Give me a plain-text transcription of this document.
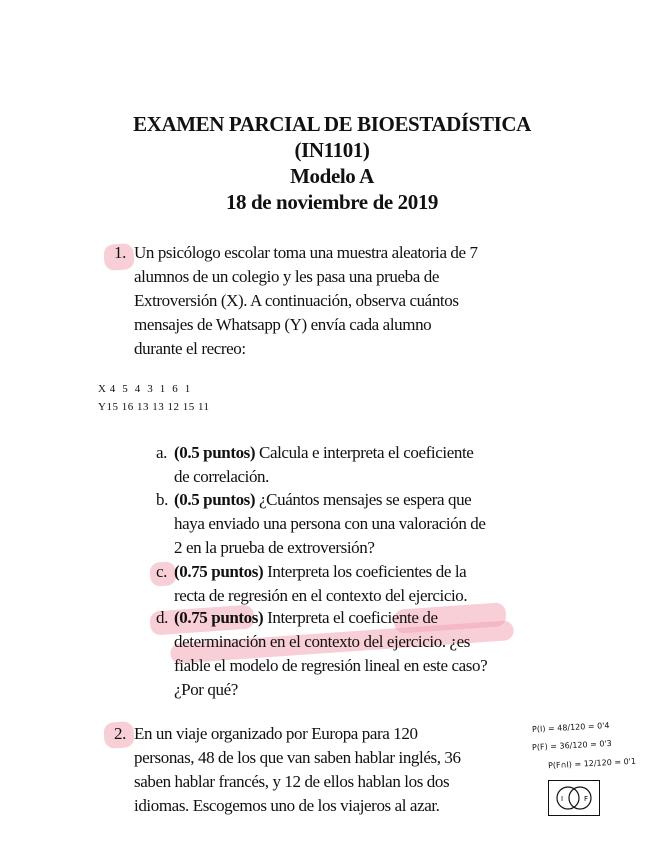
EXAMEN PARCIAL DE BIOESTADÍSTICA
(IN1101)
Modelo A
18 de noviembre de 2019
1. Un psicólogo escolar toma una muestra aleatoria de 7
alumnos de un colegio y les pasa una prueba de
Extroversión (X). A continuación, observa cuántos
mensajes de Whatsapp (Y) envía cada alumno
durante el recreo:
X 4  5  4  3  1  6  1
Y15 16 13 13 12 15 11
a. (0.5 puntos) Calcula e interpreta el coeficiente
de correlación.
b. (0.5 puntos) ¿Cuántos mensajes se espera que
haya enviado una persona con una valoración de
2 en la prueba de extroversión?
c. (0.75 puntos) Interpreta los coeficientes de la
recta de regresión en el contexto del ejercicio.
d. (0.75 puntos) Interpreta el coeficiente de
determinación en el contexto del ejercicio. ¿es
fiable el modelo de regresión lineal en este caso?
¿Por qué?
2. En un viaje organizado por Europa para 120
personas, 48 de los que van saben hablar inglés, 36
saben hablar francés, y 12 de ellos hablan los dos
idiomas. Escogemos uno de los viajeros al azar.
P(I) = 48/120 = 0'4
P(F) = 36/120 = 0'3
P(F∩I) = 12/120 = 0'1
I	F
